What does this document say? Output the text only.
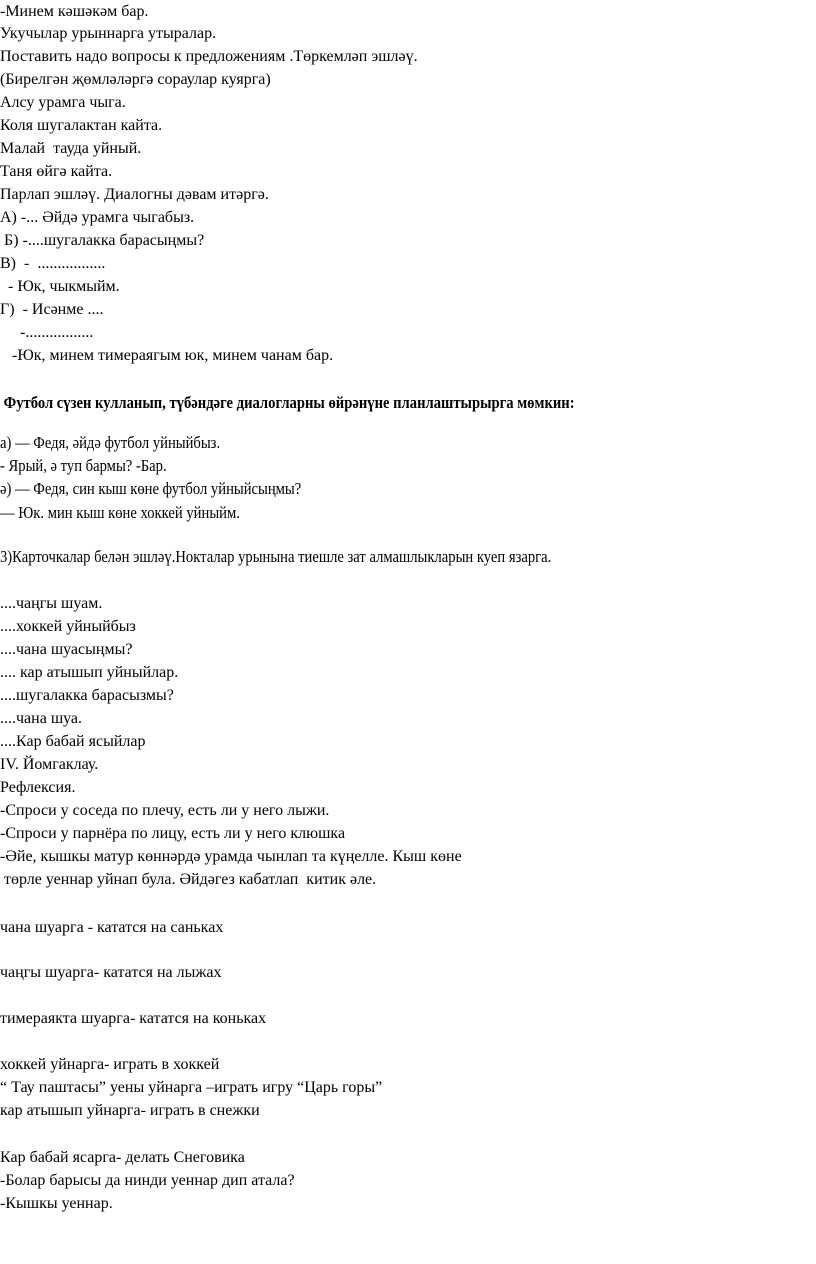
-Минем кәшәкәм бар.
Укучылар урыннарга утыралар.
Поставить надо вопросы к предложениям .Төркемләп эшләү.
(Бирелгән җөмләләргә сораулар куярга)
Алсу урамга чыга.
Коля шугалактан кайта.
Малай  тауда уйный.
Таня өйгә кайта.
Парлап эшләү. Диалогны дәвам итәргә.
А) -... Әйдә урамга чыгабыз.
Б) -....шугалакка барасыңмы?
В)  -  .................
- Юк, чыкмыйм.
Г)  - Исәнме ....
-.................
-Юк, минем тимераягым юк, минем чанам бар.
Футбол сүзен кулланып, түбәндәге диалогларны өйрәнүне планлаштырырга мөмкин:
а) — Федя, әйдә футбол уйныйбыз.
- Ярый, ә туп бармы? -Бар.
ә) — Федя, син кыш көне футбол уйныйсыңмы?
— Юк. мин кыш көне хоккей уйныйм.
3)Карточкалар белән эшләү.Нокталар урынына тиешле зат алмашлыкларын куеп язарга.
....чаңгы шуам.
....хоккей уйныйбыз
....чана шуасыңмы?
.... кар атышып уйныйлар.
....шугалакка барасызмы?
....чана шуа.
....Кар бабай ясыйлар
IV. Йомгаклау.
Рефлексия.
-Спроси у соседа по плечу, есть ли у него лыжи.
-Спроси у парнёра по лицу, есть ли у него клюшка
-Әйе, кышкы матур көннәрдә урамда чынлап та күңелле. Кыш көне
төрле уеннар уйнап була. Әйдәгез кабатлап  китик әле.
чана шуарга - кататся на саньках
чаңгы шуарга- кататся на лыжах
тимераякта шуарга- кататся на коньках
хоккей уйнарга- играть в хоккей
“ Тау паштасы” уены уйнарга –играть игру “Царь горы”
кар атышып уйнарга- играть в снежки
Кар бабай ясарга- делать Снеговика
-Болар барысы да нинди уеннар дип атала?
-Кышкы уеннар.
